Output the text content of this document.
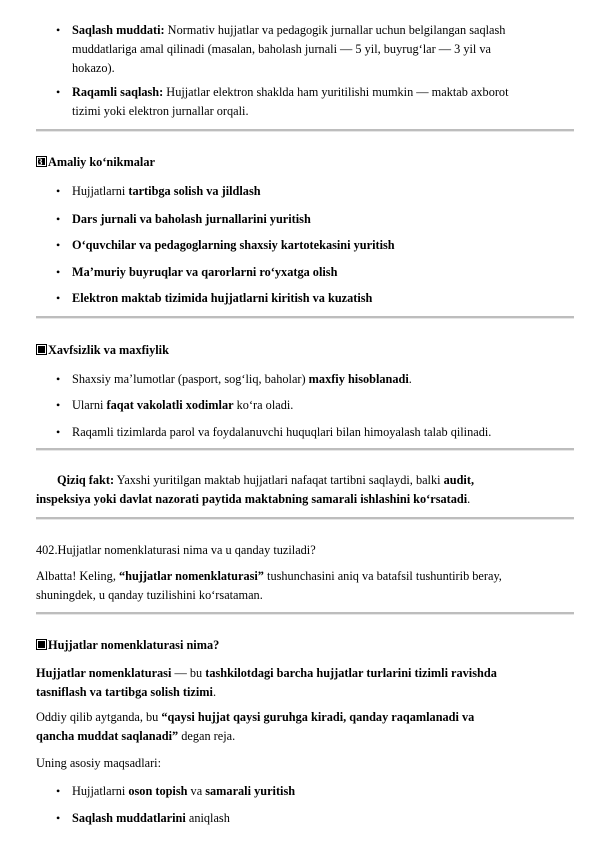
• Saqlash muddati: Normativ hujjatlar va pedagogik jurnallar uchun belgilangan saqlash
muddatlariga amal qilinadi (masalan, baholash jurnali — 5 yil, buyrug‘lar — 3 yil va
hokazo).
• Raqamli saqlash: Hujjatlar elektron shaklda ham yuritilishi mumkin — maktab axborot
tizimi yoki elektron jurnallar orqali.
3 Amaliy ko‘nikmalar
• Hujjatlarni tartibga solish va jildlash
• Dars jurnali va baholash jurnallarini yuritish
• O‘quvchilar va pedagoglarning shaxsiy kartotekasini yuritish
• Ma’muriy buyruqlar va qarorlarni ro‘yxatga olish
• Elektron maktab tizimida hujjatlarni kiritish va kuzatish
Xavfsizlik va maxfiylik
• Shaxsiy ma’lumotlar (pasport, sog‘liq, baholar) maxfiy hisoblanadi.
• Ularni faqat vakolatli xodimlar ko‘ra oladi.
• Raqamli tizimlarda parol va foydalanuvchi huquqlari bilan himoyalash talab qilinadi.
Qiziq fakt: Yaxshi yuritilgan maktab hujjatlari nafaqat tartibni saqlaydi, balki audit,
inspeksiya yoki davlat nazorati paytida maktabning samarali ishlashini ko‘rsatadi.
402.Hujjatlar nomenklaturasi nima va u qanday tuziladi?
Albatta! Keling, “hujjatlar nomenklaturasi” tushunchasini aniq va batafsil tushuntirib beray,
shuningdek, u qanday tuzilishini ko‘rsataman.
Hujjatlar nomenklaturasi nima?
Hujjatlar nomenklaturasi — bu tashkilotdagi barcha hujjatlar turlarini tizimli ravishda
tasniflash va tartibga solish tizimi.
Oddiy qilib aytganda, bu “qaysi hujjat qaysi guruhga kiradi, qanday raqamlanadi va
qancha muddat saqlanadi” degan reja.
Uning asosiy maqsadlari:
• Hujjatlarni oson topish va samarali yuritish
• Saqlash muddatlarini aniqlash
